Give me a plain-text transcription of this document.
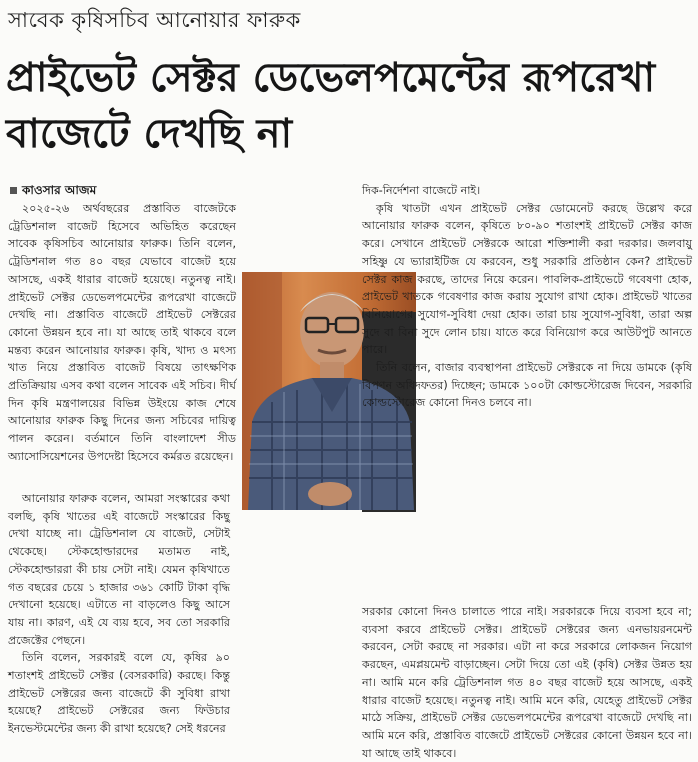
সাবেক কৃষিসচিব আনোয়ার ফারুক
প্রাইভেট সেক্টর ডেভেলপমেন্টের রূপরেখা বাজেটে দেখছি না
কাওসার আজম

২০২৫-২৬ অর্থবছরের প্রস্তাবিত বাজেটকে ট্রেডিশনাল বাজেট হিসেবে অভিহিত করেছেন সাবেক কৃষিসচিব আনোয়ার ফারুক। তিনি বলেন, ট্রেডিশনাল গত ৪০ বছর যেভাবে বাজেট হয়ে আসছে, একই ধারার বাজেট হয়েছে। নতুনত্ব নাই। প্রাইভেট সেক্টর ডেভেলপমেন্টের রূপরেখা বাজেটে দেখছি না। প্রস্তাবিত বাজেটে প্রাইভেট সেক্টরের কোনো উন্নয়ন হবে না। যা আছে তাই থাকবে বলে মন্তব্য করেন আনোয়ার ফারুক। কৃষি, খাদ্য ও মৎস্য খাত নিয়ে প্রস্তাবিত বাজেট বিষয়ে তাৎক্ষণিক প্রতিক্রিয়ায় এসব কথা বলেন সাবেক এই সচিব। দীর্ঘ দিন কৃষি মন্ত্রণালয়ের বিভিন্ন উইংয়ে কাজ শেষে আনোয়ার ফারুক কিছু দিনের জন্য সচিবের দায়িত্ব পালন করেন। বর্তমানে তিনি বাংলাদেশ সীড অ্যাসোসিয়েশনের উপদেষ্টা হিসেবে কর্মরত রয়েছেন।

আনোয়ার ফারুক বলেন, আমরা সংস্কারের কথা বলছি, কৃষি খাতের এই বাজেটে সংস্কারের কিছু দেখা যাচ্ছে না। ট্রেডিশনাল যে বাজেট, সেটাই থেকেছে। স্টেকহোল্ডারদের মতামত নাই, স্টেকহোল্ডাররা কী চায় সেটা নাই। যেমন কৃষিখাতে গত বছরের চেয়ে ১ হাজার ৩৬১ কোটি টাকা বৃদ্ধি দেখানো হয়েছে। এটাতে না বাড়লেও কিছু আসে যায় না। কারণ, এই যে ব্যয় হবে, সব তো সরকারি প্রজেক্টের পেছনে।

তিনি বলেন, সরকারই বলে যে, কৃষির ৯০ শতাংশই প্রাইভেট সেক্টর (বেসরকারি) করছে। কিন্তু প্রাইভেট সেক্টরের জন্য বাজেটে কী সুবিধা রাখা হয়েছে? প্রাইভেট সেক্টরের জন্য ফিউচার ইনভেস্টমেন্টের জন্য কী রাখা হয়েছে? সেই ধরনের

দিক-নির্দেশনা বাজেটে নাই।

কৃষি খাতটা এখন প্রাইভেট সেক্টর ডোমেনেট করছে উল্লেখ করে আনোয়ার ফারুক বলেন, কৃষিতে ৮০-৯০ শতাংশই প্রাইভেট সেক্টর কাজ করে। সেখানে প্রাইভেট সেক্টরকে আরো শক্তিশালী করা দরকার। জলবায়ু সহিষ্ণু যে ভ্যারাইটিজ যে করবেন, শুধু সরকারি প্রতিষ্ঠান কেন? প্রাইভেট সেক্টর কাজ করছে, তাদের নিয়ে করেন। পাবলিক-প্রাইভেটে গবেষণা হোক, প্রাইভেট খাতকে গবেষণার কাজ করায় সুযোগ রাখা হোক। প্রাইভেট খাতের বিনিয়োগের সুযোগ-সুবিধা দেয়া হোক। তারা চায় সুযোগ-সুবিধা, তারা অল্প সুদে বা বিনা সুদে লোন চায়। যাতে করে বিনিয়োগ করে আউটপুট আনতে পারে।

তিনি বলেন, বাজার ব্যবস্থাপনা প্রাইভেট সেক্টরকে না দিয়ে ডামকে (কৃষি বিপণন অধিদফতর) দিচ্ছেন; ডামকে ১০০টা কোল্ডস্টোরেজ দিবেন, সরকারি কোল্ডস্টোরেজ কোনো দিনও চলবে না।

সরকার কোনো দিনও চালাতে পারে নাই। সরকারকে দিয়ে ব্যবসা হবে না; ব্যবসা করবে প্রাইভেট সেক্টর। প্রাইভেট সেক্টরের জন্য এনভায়রনমেন্ট করবেন, সেটা করছে না সরকার। এটা না করে সরকারে লোকজন নিয়োগ করছেন, এমপ্লয়মেন্ট বাড়াচ্ছেন। সেটা দিয়ে তো এই (কৃষি) সেক্টর উন্নত হয় না। আমি মনে করি ট্রেডিশনাল গত ৪০ বছর বাজেট হয়ে আসছে, একই ধারার বাজেট হয়েছে। নতুনত্ব নাই। আমি মনে করি, যেহেতু প্রাইভেট সেক্টর মাঠে সক্রিয়, প্রাইভেট সেক্টর ডেভেলপমেন্টের রূপরেখা বাজেটে দেখছি না। আমি মনে করি, প্রস্তাবিত বাজেটে প্রাইভেট সেক্টরের কোনো উন্নয়ন হবে না। যা আছে তাই থাকবে।
